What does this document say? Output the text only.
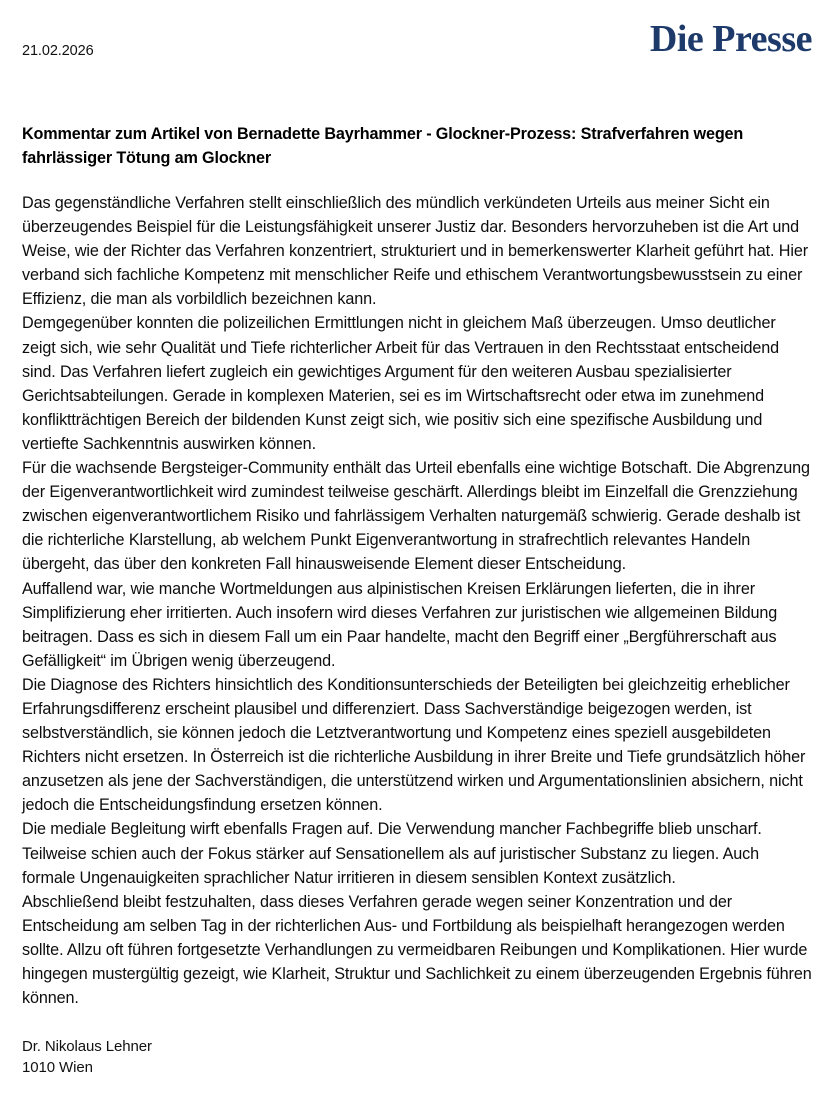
21.02.2026	Die Presse
Kommentar zum Artikel von Bernadette Bayrhammer - Glockner-Prozess: Strafverfahren wegen fahrlässiger Tötung am Glockner

Das gegenständliche Verfahren stellt einschließlich des mündlich verkündeten Urteils aus meiner Sicht ein überzeugendes Beispiel für die Leistungsfähigkeit unserer Justiz dar. Besonders hervorzuheben ist die Art und Weise, wie der Richter das Verfahren konzentriert, strukturiert und in bemerkenswerter Klarheit geführt hat. Hier verband sich fachliche Kompetenz mit menschlicher Reife und ethischem Verantwortungsbewusstsein zu einer Effizienz, die man als vorbildlich bezeichnen kann.

Demgegenüber konnten die polizeilichen Ermittlungen nicht in gleichem Maß überzeugen. Umso deutlicher zeigt sich, wie sehr Qualität und Tiefe richterlicher Arbeit für das Vertrauen in den Rechtsstaat entscheidend sind. Das Verfahren liefert zugleich ein gewichtiges Argument für den weiteren Ausbau spezialisierter Gerichtsabteilungen. Gerade in komplexen Materien, sei es im Wirtschaftsrecht oder etwa im zunehmend konfliktträchtigen Bereich der bildenden Kunst zeigt sich, wie positiv sich eine spezifische Ausbildung und vertiefte Sachkenntnis auswirken können.

Für die wachsende Bergsteiger-Community enthält das Urteil ebenfalls eine wichtige Botschaft. Die Abgrenzung der Eigenverantwortlichkeit wird zumindest teilweise geschärft. Allerdings bleibt im Einzelfall die Grenzziehung zwischen eigenverantwortlichem Risiko und fahrlässigem Verhalten naturgemäß schwierig. Gerade deshalb ist die richterliche Klarstellung, ab welchem Punkt Eigenverantwortung in strafrechtlich relevantes Handeln übergeht, das über den konkreten Fall hinausweisende Element dieser Entscheidung.

Auffallend war, wie manche Wortmeldungen aus alpinistischen Kreisen Erklärungen lieferten, die in ihrer Simplifizierung eher irritierten. Auch insofern wird dieses Verfahren zur juristischen wie allgemeinen Bildung beitragen. Dass es sich in diesem Fall um ein Paar handelte, macht den Begriff einer „Bergführerschaft aus Gefälligkeit“ im Übrigen wenig überzeugend.

Die Diagnose des Richters hinsichtlich des Konditionsunterschieds der Beteiligten bei gleichzeitig erheblicher Erfahrungsdifferenz erscheint plausibel und differenziert. Dass Sachverständige beigezogen werden, ist selbstverständlich, sie können jedoch die Letztverantwortung und Kompetenz eines speziell ausgebildeten Richters nicht ersetzen. In Österreich ist die richterliche Ausbildung in ihrer Breite und Tiefe grundsätzlich höher anzusetzen als jene der Sachverständigen, die unterstützend wirken und Argumentationslinien absichern, nicht jedoch die Entscheidungsfindung ersetzen können.

Die mediale Begleitung wirft ebenfalls Fragen auf. Die Verwendung mancher Fachbegriffe blieb unscharf. Teilweise schien auch der Fokus stärker auf Sensationellem als auf juristischer Substanz zu liegen. Auch formale Ungenauigkeiten sprachlicher Natur irritieren in diesem sensiblen Kontext zusätzlich.

Abschließend bleibt festzuhalten, dass dieses Verfahren gerade wegen seiner Konzentration und der Entscheidung am selben Tag in der richterlichen Aus- und Fortbildung als beispielhaft herangezogen werden sollte. Allzu oft führen fortgesetzte Verhandlungen zu vermeidbaren Reibungen und Komplikationen. Hier wurde hingegen mustergültig gezeigt, wie Klarheit, Struktur und Sachlichkeit zu einem überzeugenden Ergebnis führen können.

Dr. Nikolaus Lehner
1010 Wien
